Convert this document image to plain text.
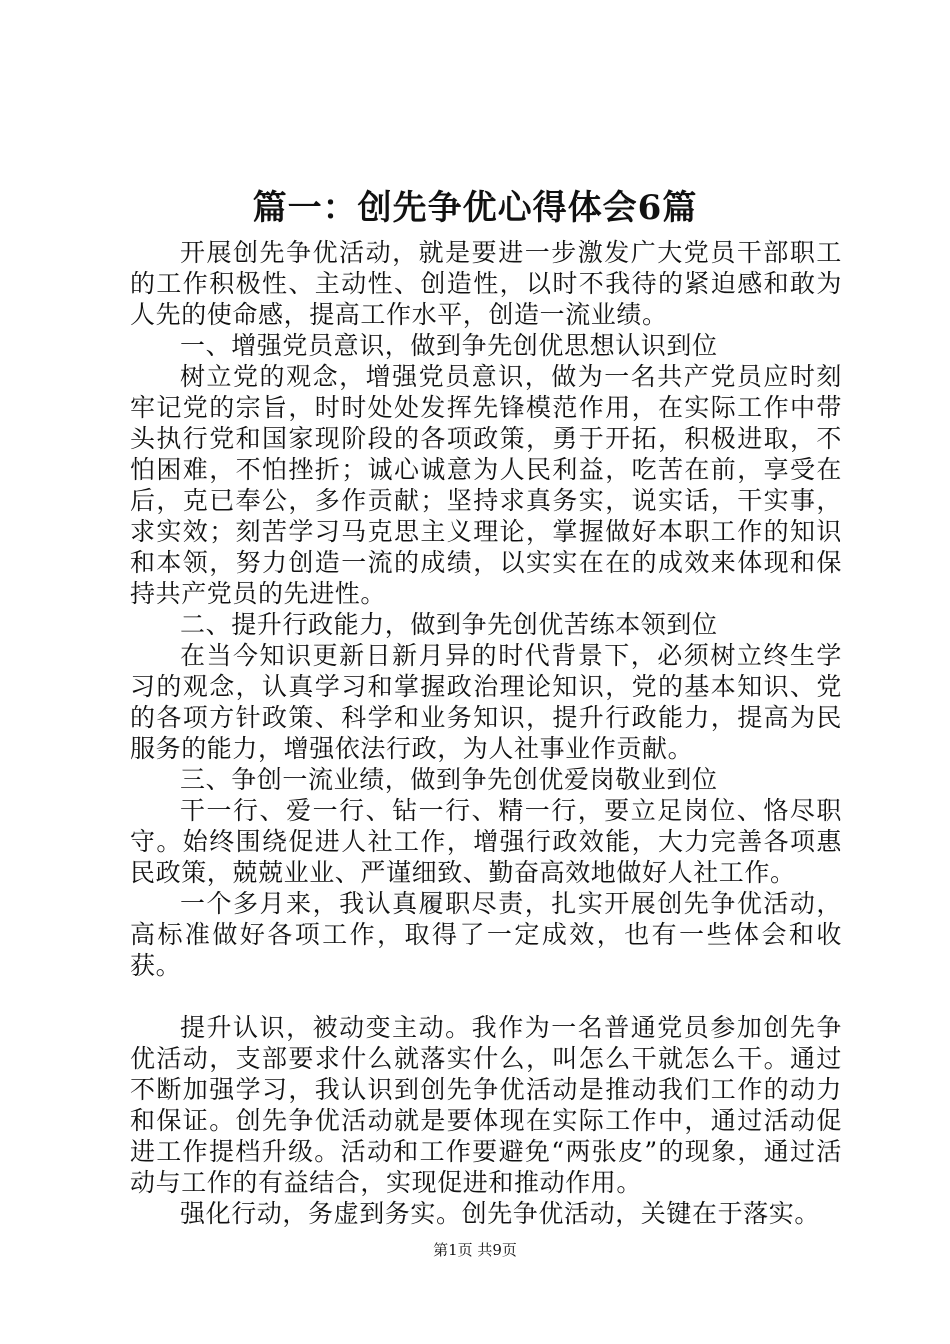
篇一：创先争优心得体会6篇

开展创先争优活动，就是要进一步激发广大党员干部职工的工作积极性、主动性、创造性，以时不我待的紧迫感和敢为人先的使命感，提高工作水平，创造一流业绩。

一、增强党员意识，做到争先创优思想认识到位

树立党的观念，增强党员意识，做为一名共产党员应时刻牢记党的宗旨，时时处处发挥先锋模范作用，在实际工作中带头执行党和国家现阶段的各项政策，勇于开拓，积极进取，不怕困难，不怕挫折；诚心诚意为人民利益，吃苦在前，享受在后，克已奉公，多作贡献；坚持求真务实，说实话，干实事，求实效；刻苦学习马克思主义理论，掌握做好本职工作的知识和本领，努力创造一流的成绩，以实实在在的成效来体现和保持共产党员的先进性。

二、提升行政能力，做到争先创优苦练本领到位

在当今知识更新日新月异的时代背景下，必须树立终生学习的观念，认真学习和掌握政治理论知识，党的基本知识、党的各项方针政策、科学和业务知识，提升行政能力，提高为民服务的能力，增强依法行政，为人社事业作贡献。

三、争创一流业绩，做到争先创优爱岗敬业到位

干一行、爱一行、钻一行、精一行，要立足岗位、恪尽职守。始终围绕促进人社工作，增强行政效能，大力完善各项惠民政策，兢兢业业、严谨细致、勤奋高效地做好人社工作。

一个多月来，我认真履职尽责，扎实开展创先争优活动，高标准做好各项工作，取得了一定成效，也有一些体会和收获。

提升认识，被动变主动。我作为一名普通党员参加创先争优活动，支部要求什么就落实什么，叫怎么干就怎么干。通过不断加强学习，我认识到创先争优活动是推动我们工作的动力和保证。创先争优活动就是要体现在实际工作中，通过活动促进工作提档升级。活动和工作要避免“两张皮”的现象，通过活动与工作的有益结合，实现促进和推动作用。

强化行动，务虚到务实。创先争优活动，关键在于落实。

第1页 共9页
